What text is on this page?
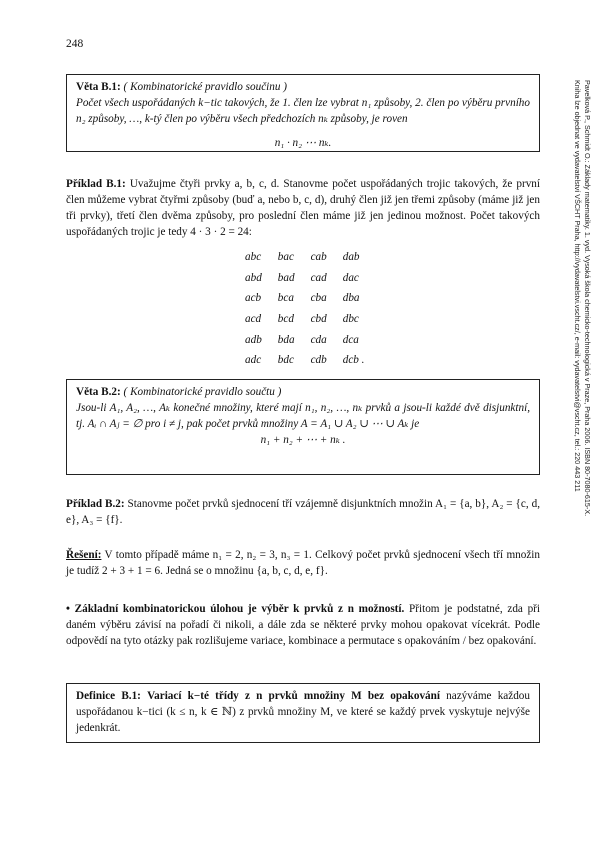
248
Pavelková P., Schmidt O.: Základy matematiky. 1. vyd. Vysoká škola chemicko-technologická v Praze, Praha 2006. ISBN 80-7080-615-X.
Kniha lze objednat ve vydavatelství VŠCHT Praha, http://vydavatelstvi.vscht.cz/, e-mail: vydavatelstvi@vscht.cz, tel.: 220 443 211
Věta B.1: ( Kombinatorické pravidlo součinu )
Počet všech uspořádaných k−tic takových, že 1. člen lze vybrat n₁ způsoby, 2. člen po výběru prvního n₂ způsoby, …, k-tý člen po výběru všech předchozích nₖ způsoby, je roven
n₁ · n₂ ⋯ nₖ.
Příklad B.1: Uvažujme čtyři prvky a, b, c, d. Stanovme počet uspořádaných trojic takových, že první člen můžeme vybrat čtyřmi způsoby (buď a, nebo b, c, d), druhý člen již jen třemi způsoby (máme již jen tři prvky), třetí člen dvěma způsoby, pro poslední člen máme již jen jedinou možnost. Počet takových uspořádaných trojic je tedy 4 · 3 · 2 = 24:
abc	bac	cab	dab
abd	bad	cad	dac
acb	bca	cba	dba
acd	bcd	cbd	dbc
adb	bda	cda	dca
adc	bdc	cdb	dcb .
Věta B.2: ( Kombinatorické pravidlo součtu )
Jsou-li A₁, A₂, …, Aₖ konečné množiny, které mají n₁, n₂, …, nₖ prvků a jsou-li každé dvě disjunktní, tj. Aᵢ ∩ Aⱼ = ∅ pro i ≠ j, pak počet prvků množiny A = A₁ ∪ A₂ ∪ ⋯ ∪ Aₖ je
n₁ + n₂ + ⋯ + nₖ .
Příklad B.2: Stanovme počet prvků sjednocení tří vzájemně disjunktních množin A₁ = {a, b}, A₂ = {c, d, e}, A₃ = {f}.
Řešení: V tomto případě máme n₁ = 2, n₂ = 3, n₃ = 1. Celkový počet prvků sjednocení všech tří množin je tudíž 2 + 3 + 1 = 6. Jedná se o množinu {a, b, c, d, e, f}.
• Základní kombinatorickou úlohou je výběr k prvků z n možností. Přitom je podstatné, zda při daném výběru závisí na pořadí či nikoli, a dále zda se některé prvky mohou opakovat vícekrát. Podle odpovědí na tyto otázky pak rozlišujeme variace, kombinace a permutace s opakováním / bez opakování.
Definice B.1: Variací k−té třídy z n prvků množiny M bez opakování nazýváme každou uspořádanou k−tici (k ≤ n, k ∈ ℕ) z prvků množiny M, ve které se každý prvek vyskytuje nejvýše jedenkrát.
